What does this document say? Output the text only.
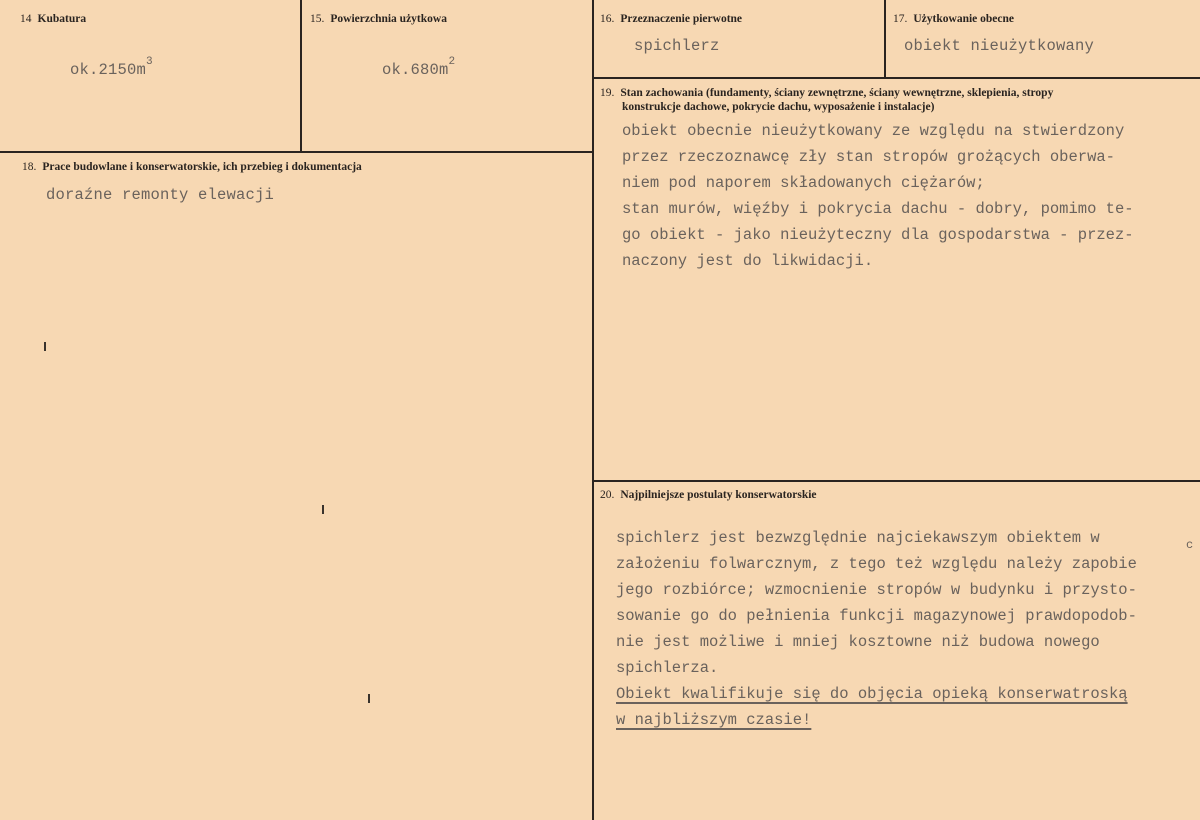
14 Kubatura

$ok.2150m^3$

15. Powierzchnia użytkowa

$ok.680m^2$

16. Przeznaczenie pierwotne
spichlerz
17. Użytkowanie obecne
obiekt nieużytkowany
18. Prace budowlane i konserwatorskie, ich przebieg i dokumentacja
doraźne remonty elewacji
19. Stan zachowania (fundamenty, ściany zewnętrzne, ściany wewnętrzne, sklepienia, stropy
konstrukcje dachowe, pokrycie dachu, wyposażenie i instalacje)
obiekt obecnie nieużytkowany ze względu na stwierdzony
przez rzeczoznawcę zły stan stropów grożących oberwa-
niem pod naporem składowanych ciężarów;
stan murów, więźby i pokrycia dachu - dobry, pomimo te-
go obiekt - jako nieużyteczny dla gospodarstwa - przez-
naczony jest do likwidacji.
20. Najpilniejsze postulaty konserwatorskie
spichlerz jest bezwzględnie najciekawszym obiektem w
założeniu folwarcznym, z tego też względu należy zapobie
jego rozbiórce; wzmocnienie stropów w budynku i przysto-
sowanie go do pełnienia funkcji magazynowej prawdopodob-
nie jest możliwe i mniej kosztowne niż budowa nowego
spichlerza.
Obiekt kwalifikuje się do objęcia opieką konserwatroską
w najbliższym czasie!
c
